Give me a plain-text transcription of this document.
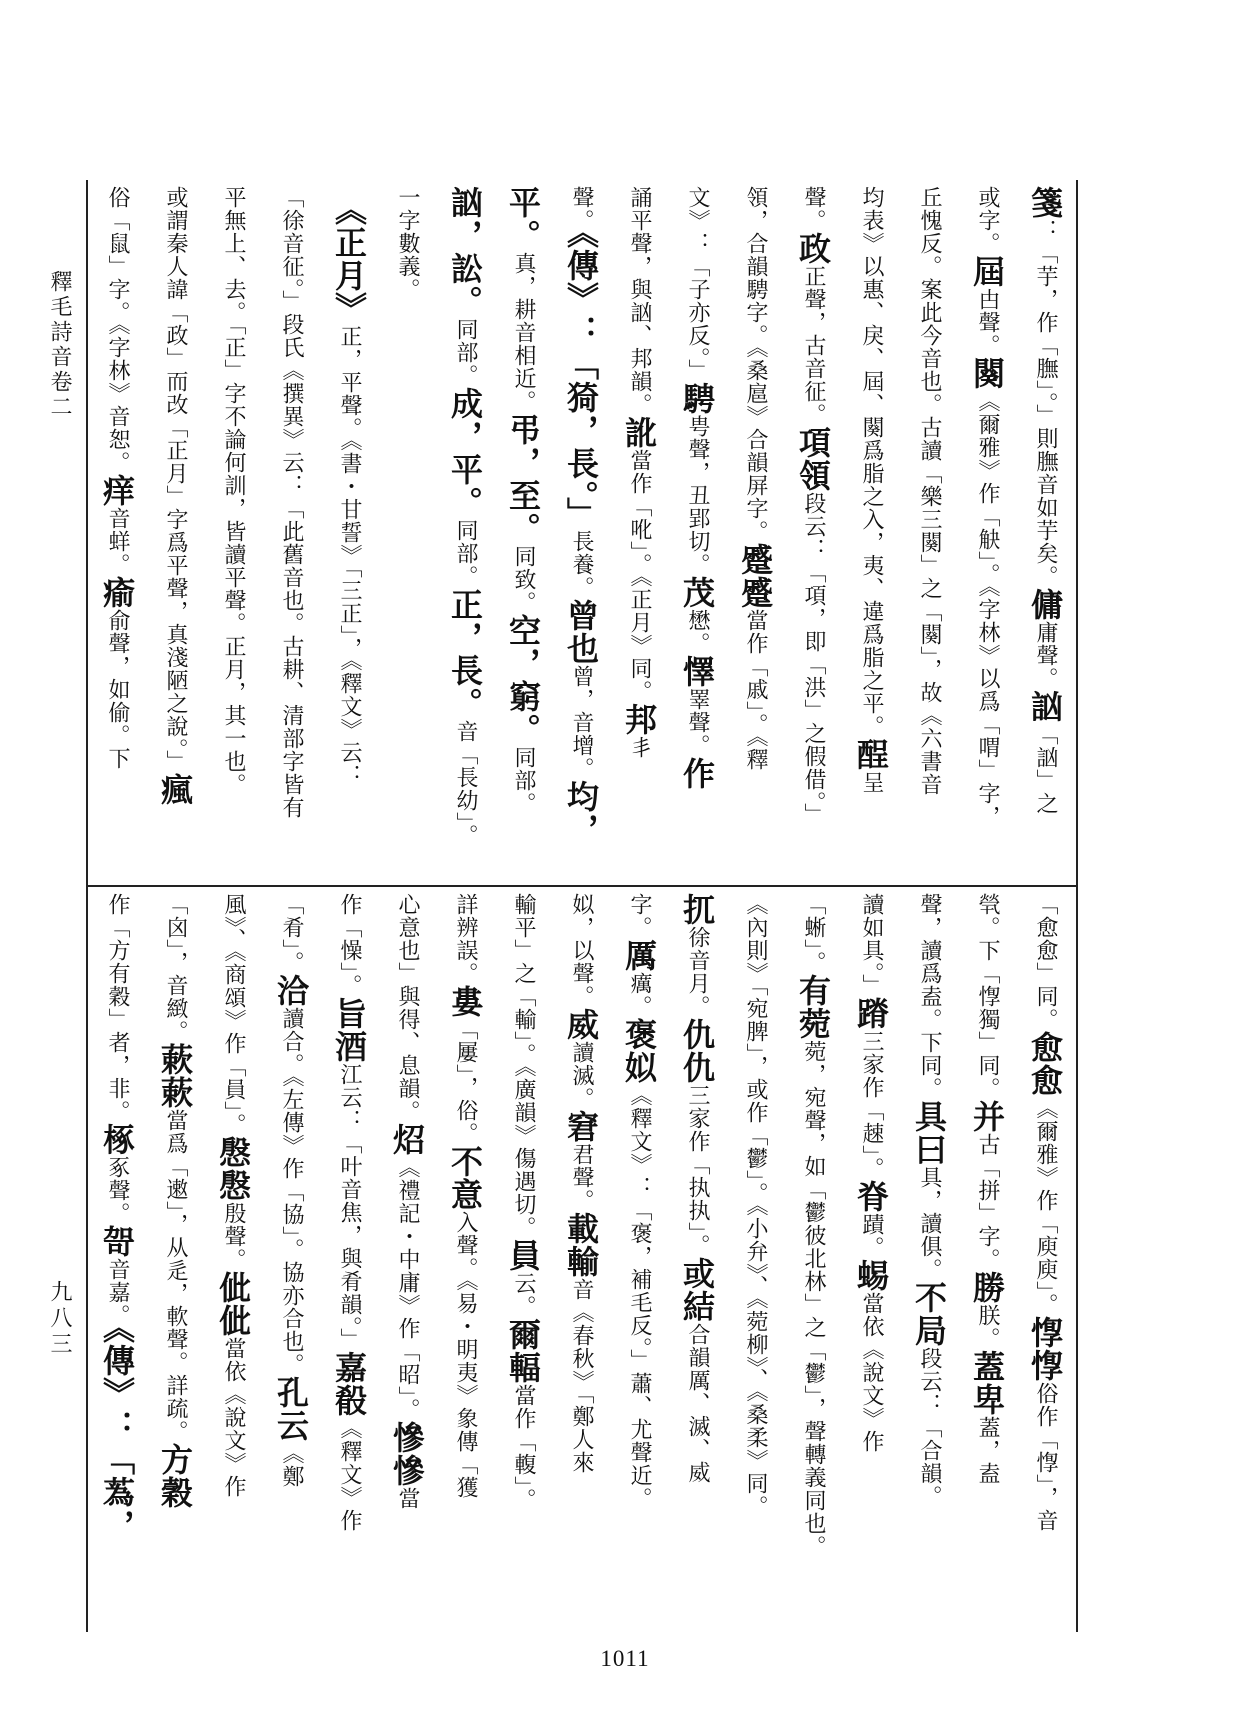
釋毛詩音卷二
九八三
箋：「芋，作「膴」。」則膴音如芋矣。傭庸聲。訩「訩」之
或字。屆甴聲。闋《爾雅》作「觖」。《字林》以爲「喟」字，
丘愧反。案此今音也。古讀「樂三闋」之「闋」，故《六書音
均表》以惠、戾、屆、闋爲脂之入，夷、違爲脂之平。酲呈
聲。政正聲，古音征。項領段云：「項，即「洪」之假借。」
領，合韻騁字。《桑扈》合韻屏字。蹙蹙當作「戚」。《釋
文》：「子亦反。」騁甹聲，丑郢切。茂懋。懌睪聲。作
誦平聲，與訩、邦韻。訛當作「吪」。《正月》同。邦丯
聲。《傳》：「猗，長。」長養。曾也曾，音增。均，
平。真，耕音相近。弔，至。同致。空，窮。同部。
訩，訟。同部。成，平。同部。正，長。音「長幼」。
一字數義。
　《正月》正，平聲。《書・甘誓》「三正」，《釋文》云：
「徐音征。」段氏《撰異》云：「此舊音也。古耕、清部字皆有
平無上、去。「正」字不論何訓，皆讀平聲。正月，其一也。
或謂秦人諱「政」而改「正月」字爲平聲，真淺陋之說。」瘋
俗「鼠」字。《字林》音恕。痒音蛘。瘉俞聲，如偷。下
「愈愈」同。愈愈《爾雅》作「庾庾」。惸惸俗作「惸」，音
煢。下「惸獨」同。并古「拼」字。勝朕。蓋卑蓋，盍
聲，讀爲盍。下同。具曰具，讀俱。不局段云：「合韻。
讀如具。」蹐三家作「趚」。脊蹟。蜴當依《說文》作
「蜥」。有菀菀，宛聲，如「鬱彼北林」之「鬱」，聲轉義同也。
《內則》「宛脾」，或作「鬱」。《小弁》、《菀柳》、《桑柔》同。
扤徐音月。仇仇三家作「执执」。或結合韻厲、滅、威
字。厲癘。褒姒《釋文》：「褒，補毛反。」蕭、尤聲近。
姒，以聲。威讀滅。窘君聲。載輸音《春秋》「鄭人來
輸平」之「輸」。《廣韻》傷遇切。員云。爾輻當作「輹」。
詳辨誤。婁「屢」，俗。不意入聲。《易・明夷》象傳「獲
心意也」與得、息韻。炤《禮記・中庸》作「昭」。慘慘當
作「懆」。旨酒江云：「叶音焦，與肴韻。」嘉殽《釋文》作
「肴」。洽讀合。《左傳》作「協」。協亦合也。孔云《鄭
風》、《商頌》作「員」。慇慇殷聲。佌佌當依《說文》作
「囟」，音緻。蔌蔌當爲「遫」，从辵，軟聲。詳疏。方穀
作「方有穀」者，非。椓豖聲。哿音嘉。《傳》：「蒍，
1011
